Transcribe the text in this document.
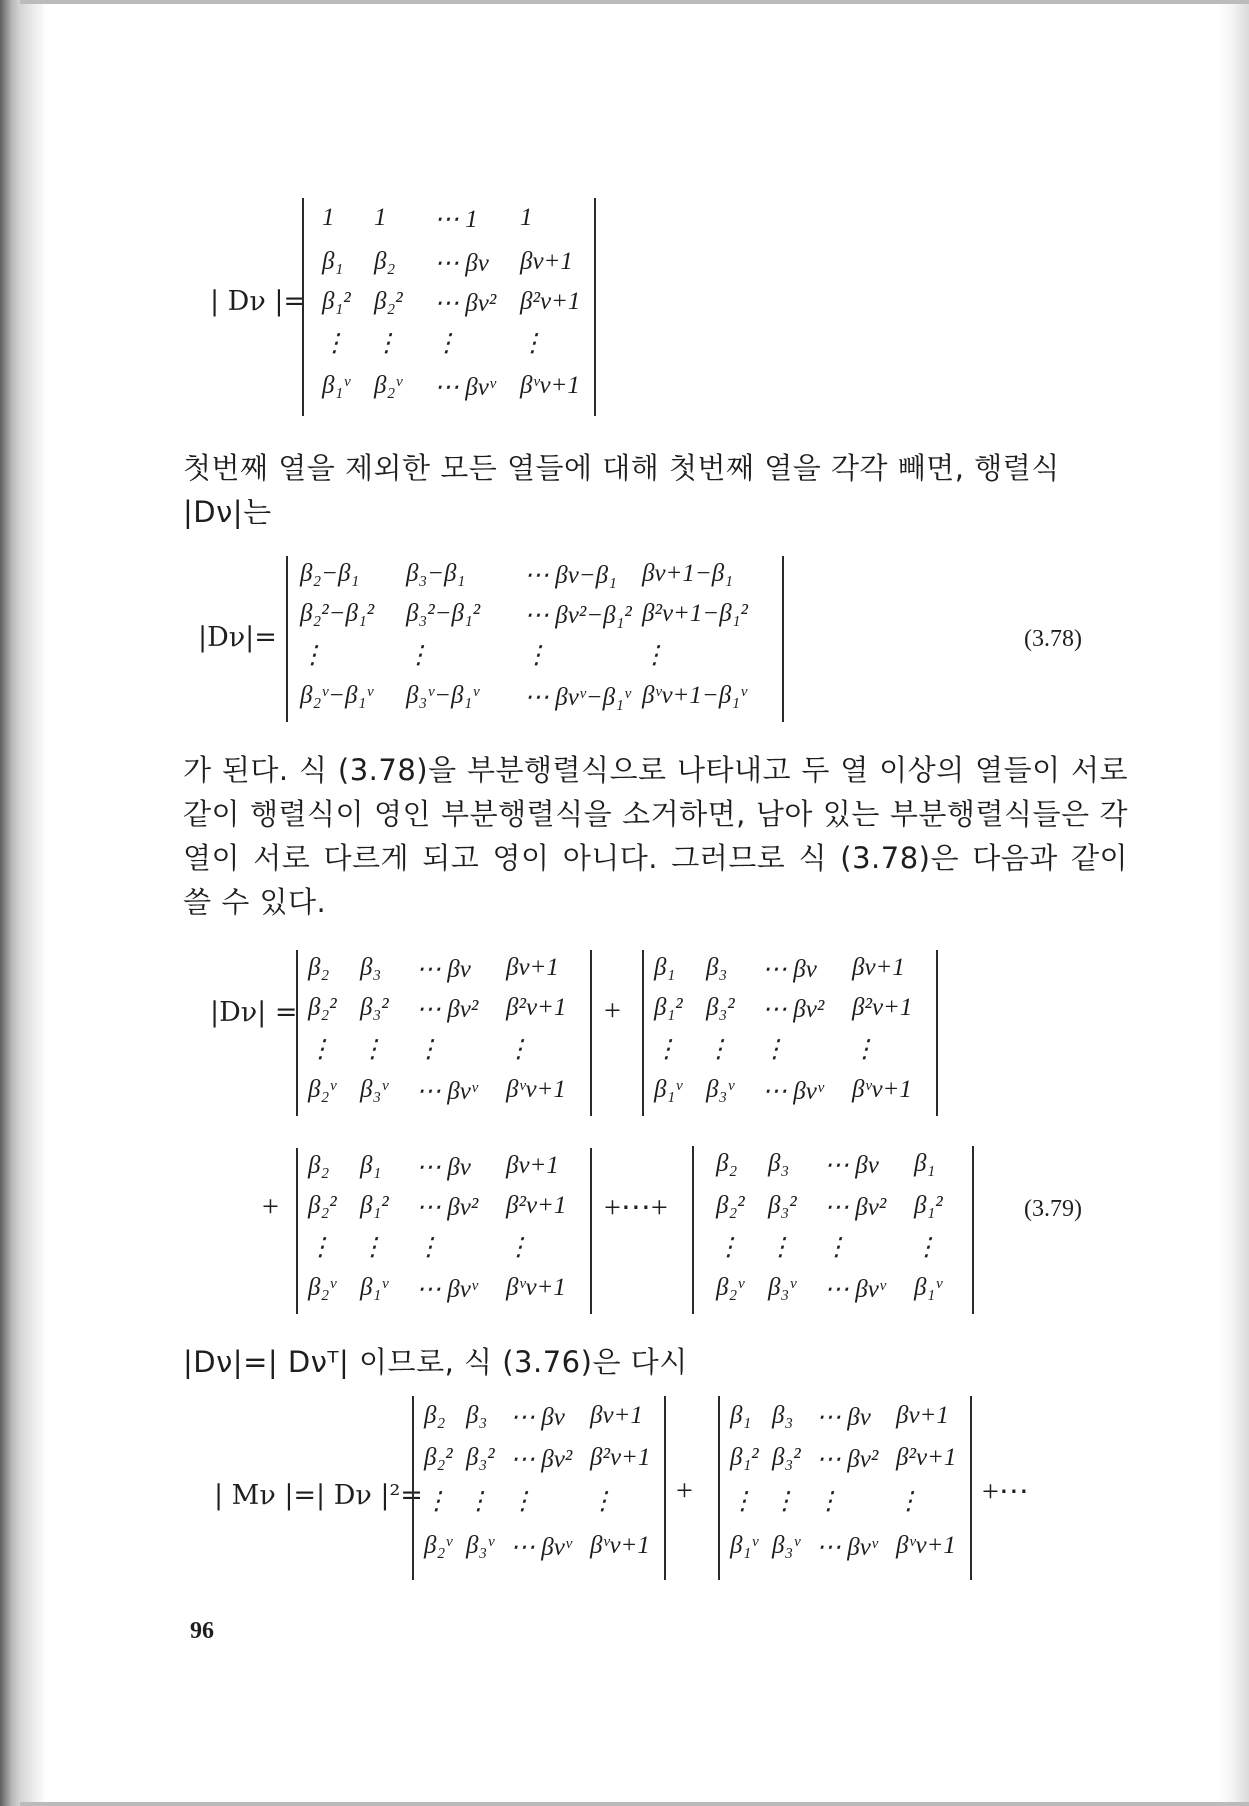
| Dν |=
1 1 ⋯ 1 1
β₁ β₂ ⋯ βν βν+1
β₁² β₂² ⋯ βν² β²ν+1
⋮ ⋮ ⋮ ⋮
β₁ᵛ β₂ᵛ ⋯ βνᵛ βᵛν+1
첫번째 열을 제외한 모든 열들에 대해 첫번째 열을 각각 빼면, 행렬식
|Dν|는
|Dν|=
β₂−β₁ β₃−β₁ ⋯ βν−β₁ βν+1−β₁
β₂²−β₁² β₃²−β₁² ⋯ βν²−β₁² β²ν+1−β₁²
⋮	⋮	⋮	⋮
β₂ᵛ−β₁ᵛ β₃ᵛ−β₁ᵛ ⋯ βνᵛ−β₁ᵛ βᵛν+1−β₁ᵛ
(3.78)
가 된다. 식 (3.78)을 부분행렬식으로 나타내고 두 열 이상의 열들이 서로 같이 행렬식이 영인 부분행렬식을 소거하면, 남아 있는 부분행렬식들은 각 열이 서로 다르게 되고 영이 아니다. 그러므로 식 (3.78)은 다음과 같이 쓸 수 있다.
|Dν| =
β₂ β₃ ⋯ βν βν+1
β₂² β₃² ⋯ βν² β²ν+1
⋮ ⋮ ⋮	⋮
β₂ᵛ β₃ᵛ ⋯ βνᵛ βᵛν+1
+
β₁ β₃ ⋯ βν βν+1
β₁² β₃² ⋯ βν² β²ν+1
⋮ ⋮ ⋮	⋮
β₁ᵛ β₃ᵛ ⋯ βνᵛ βᵛν+1
+
β₂ β₁ ⋯ βν βν+1
β₂² β₁² ⋯ βν² β²ν+1
⋮ ⋮ ⋮	⋮
β₂ᵛ β₁ᵛ ⋯ βνᵛ βᵛν+1
+⋯+
β₂ β₃ ⋯ βν β₁
β₂² β₃² ⋯ βν² β₁²
⋮ ⋮ ⋮	⋮
β₂ᵛ β₃ᵛ ⋯ βνᵛ β₁ᵛ
(3.79)
|Dν|=| Dνᵀ| 이므로, 식 (3.76)은 다시
| Mν |=| Dν |²=
β₂ β₃ ⋯ βν βν+1
β₂² β₃² ⋯ βν² β²ν+1
⋮ ⋮ ⋮ ⋮
β₂ᵛ β₃ᵛ ⋯ βνᵛ βᵛν+1
+
β₁ β₃ ⋯ βν βν+1
β₁² β₃² ⋯ βν² β²ν+1
⋮ ⋮ ⋮ ⋮
β₁ᵛ β₃ᵛ ⋯ βνᵛ βᵛν+1
+⋯
96
